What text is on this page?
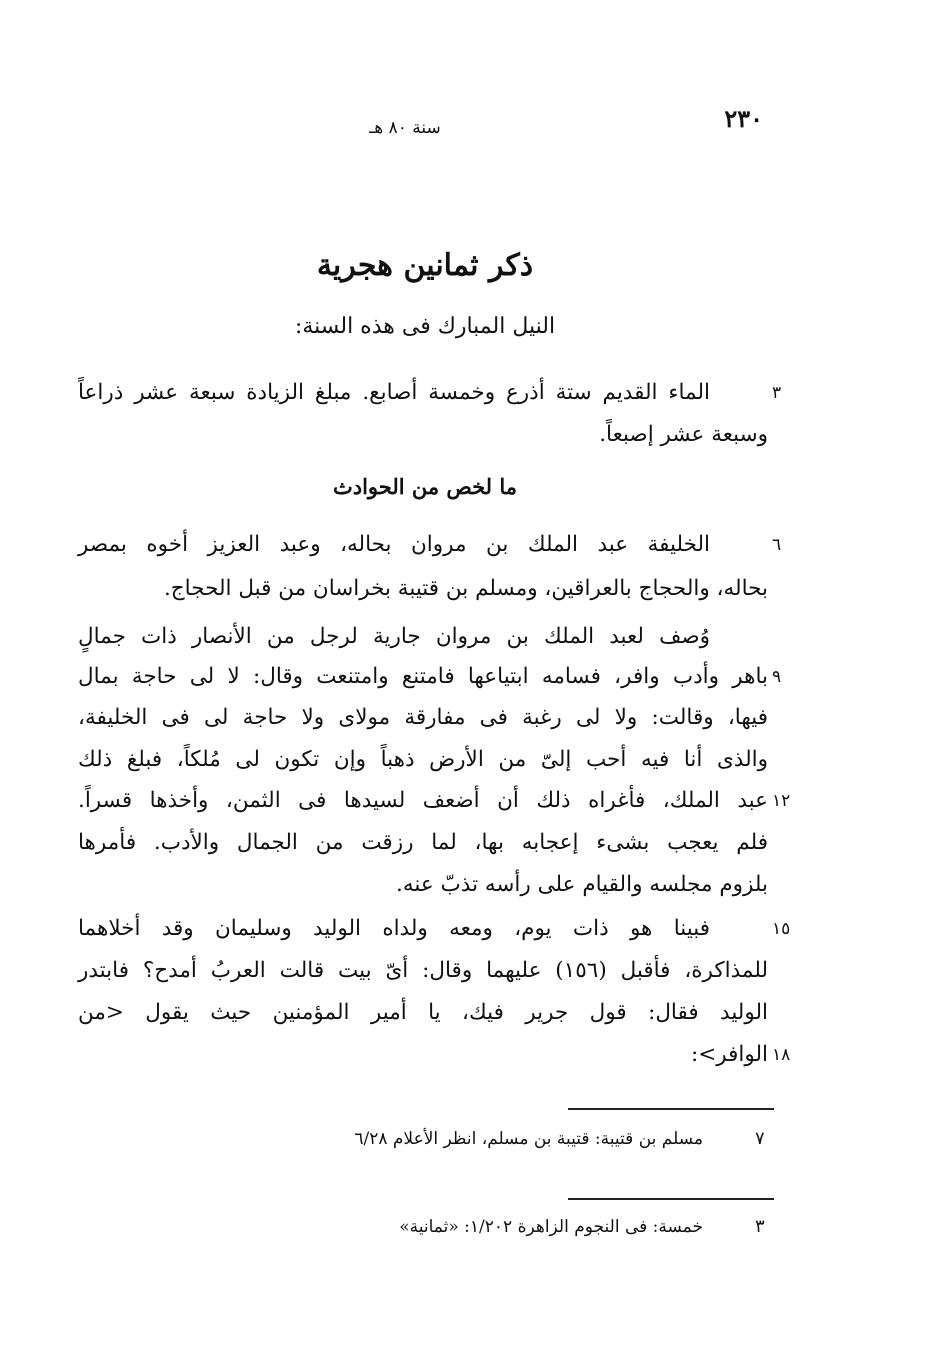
٢٣٠
سنة ٨٠ هـ
ذكر ثمانين هجرية
النيل المبارك فى هذه السنة:
٣
الماء القديم ستة أذرع وخمسة أصابع. مبلغ الزيادة سبعة عشر ذراعاً
وسبعة عشر إصبعاً.
ما لخص من الحوادث
٦
الخليفة عبد الملك بن مروان بحاله، وعبد العزيز أخوه بمصر
بحاله، والحجاج بالعراقين، ومسلم بن قتيبة بخراسان من قبل الحجاج.
وُصف لعبد الملك بن مروان جارية لرجل من الأنصار ذات جمالٍ
٩
باهر وأدب وافر، فسامه ابتياعها فامتنع وامتنعت وقال: لا لى حاجة بمال
فيها، وقالت: ولا لى رغبة فى مفارقة مولاى ولا حاجة لى فى الخليفة،
والذى أنا فيه أحب إلىّ من الأرض ذهباً وإن تكون لى مُلكاً، فبلغ ذلك
١٢
عبد الملك، فأغراه ذلك أن أضعف لسيدها فى الثمن، وأخذها قسراً.
فلم يعجب بشىء إعجابه بها، لما رزقت من الجمال والأدب. فأمرها
بلزوم مجلسه والقيام على رأسه تذبّ عنه.
١٥
فبينا هو ذات يوم، ومعه ولداه الوليد وسليمان وقد أخلاهما
للمذاكرة، فأقبل (١٥٦) عليهما وقال: أىّ بيت قالت العربُ أمدح؟ فابتدر
الوليد فقال: قول جرير فيك، يا أمير المؤمنين حيث يقول <من
١٨
الوافر>:
٧
مسلم بن قتيبة: قتيبة بن مسلم، انظر الأعلام ٦/٢٨
٣
خمسة: فى النجوم الزاهرة ١/٢٠٢: «ثمانية»
